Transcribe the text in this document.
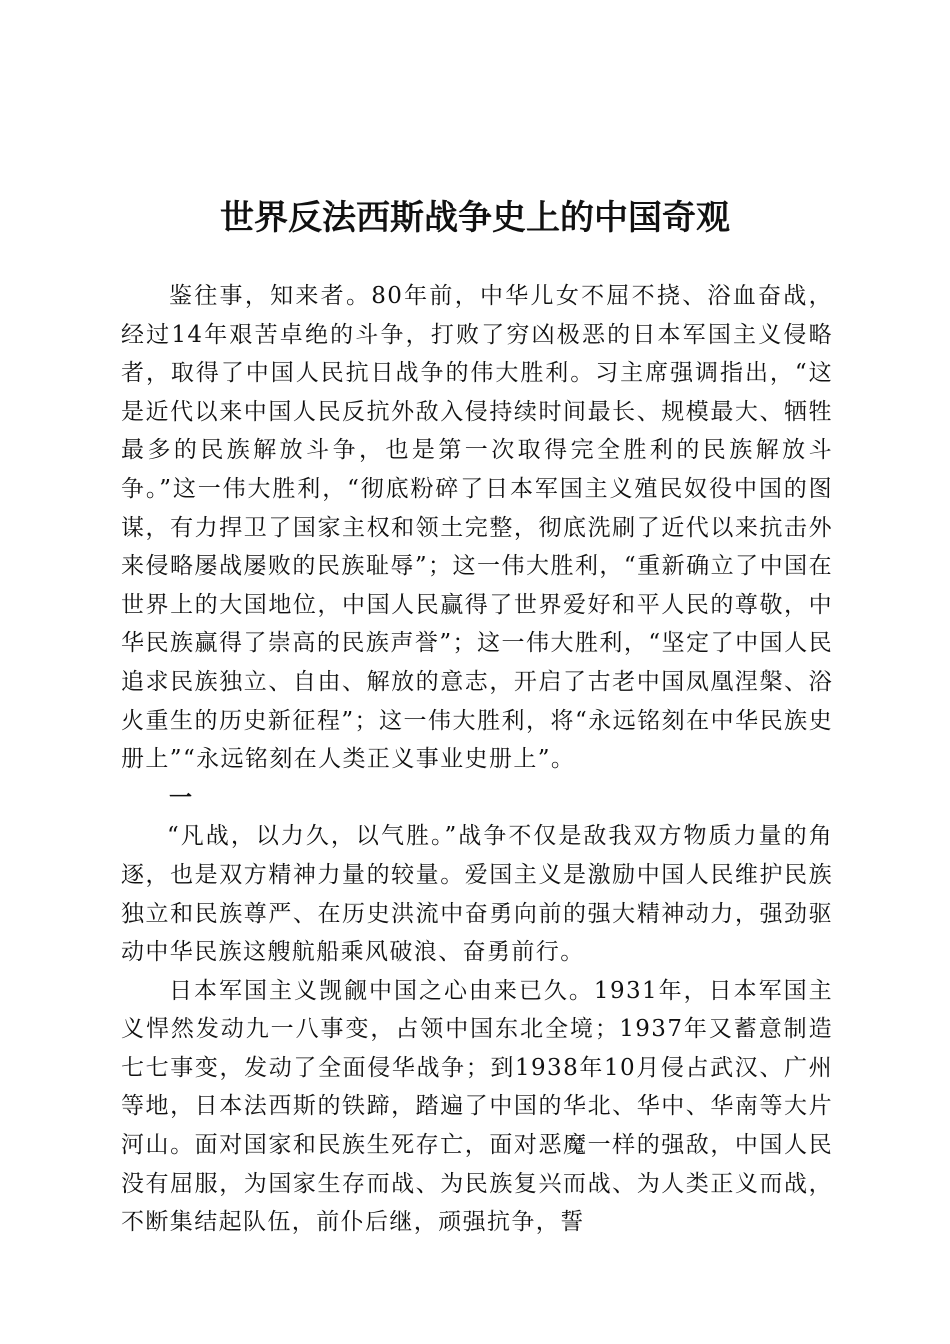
世界反法西斯战争史上的中国奇观

鉴往事，知来者。80年前，中华儿女不屈不挠、浴血奋战，经过14年艰苦卓绝的斗争，打败了穷凶极恶的日本军国主义侵略者，取得了中国人民抗日战争的伟大胜利。习主席强调指出，“这是近代以来中国人民反抗外敌入侵持续时间最长、规模最大、牺牲最多的民族解放斗争，也是第一次取得完全胜利的民族解放斗争。”这一伟大胜利，“彻底粉碎了日本军国主义殖民奴役中国的图谋，有力捍卫了国家主权和领土完整，彻底洗刷了近代以来抗击外来侵略屡战屡败的民族耻辱”；这一伟大胜利，“重新确立了中国在世界上的大国地位，中国人民赢得了世界爱好和平人民的尊敬，中华民族赢得了崇高的民族声誉”；这一伟大胜利，“坚定了中国人民追求民族独立、自由、解放的意志，开启了古老中国凤凰涅槃、浴火重生的历史新征程”；这一伟大胜利，将“永远铭刻在中华民族史册上”“永远铭刻在人类正义事业史册上”。

一

“凡战，以力久，以气胜。”战争不仅是敌我双方物质力量的角逐，也是双方精神力量的较量。爱国主义是激励中国人民维护民族独立和民族尊严、在历史洪流中奋勇向前的强大精神动力，强劲驱动中华民族这艘航船乘风破浪、奋勇前行。

日本军国主义觊觎中国之心由来已久。1931年，日本军国主义悍然发动九一八事变，占领中国东北全境；1937年又蓄意制造七七事变，发动了全面侵华战争；到1938年10月侵占武汉、广州等地，日本法西斯的铁蹄，踏遍了中国的华北、华中、华南等大片河山。面对国家和民族生死存亡，面对恶魔一样的强敌，中国人民没有屈服，为国家生存而战、为民族复兴而战、为人类正义而战，不断集结起队伍，前仆后继，顽强抗争，誓
